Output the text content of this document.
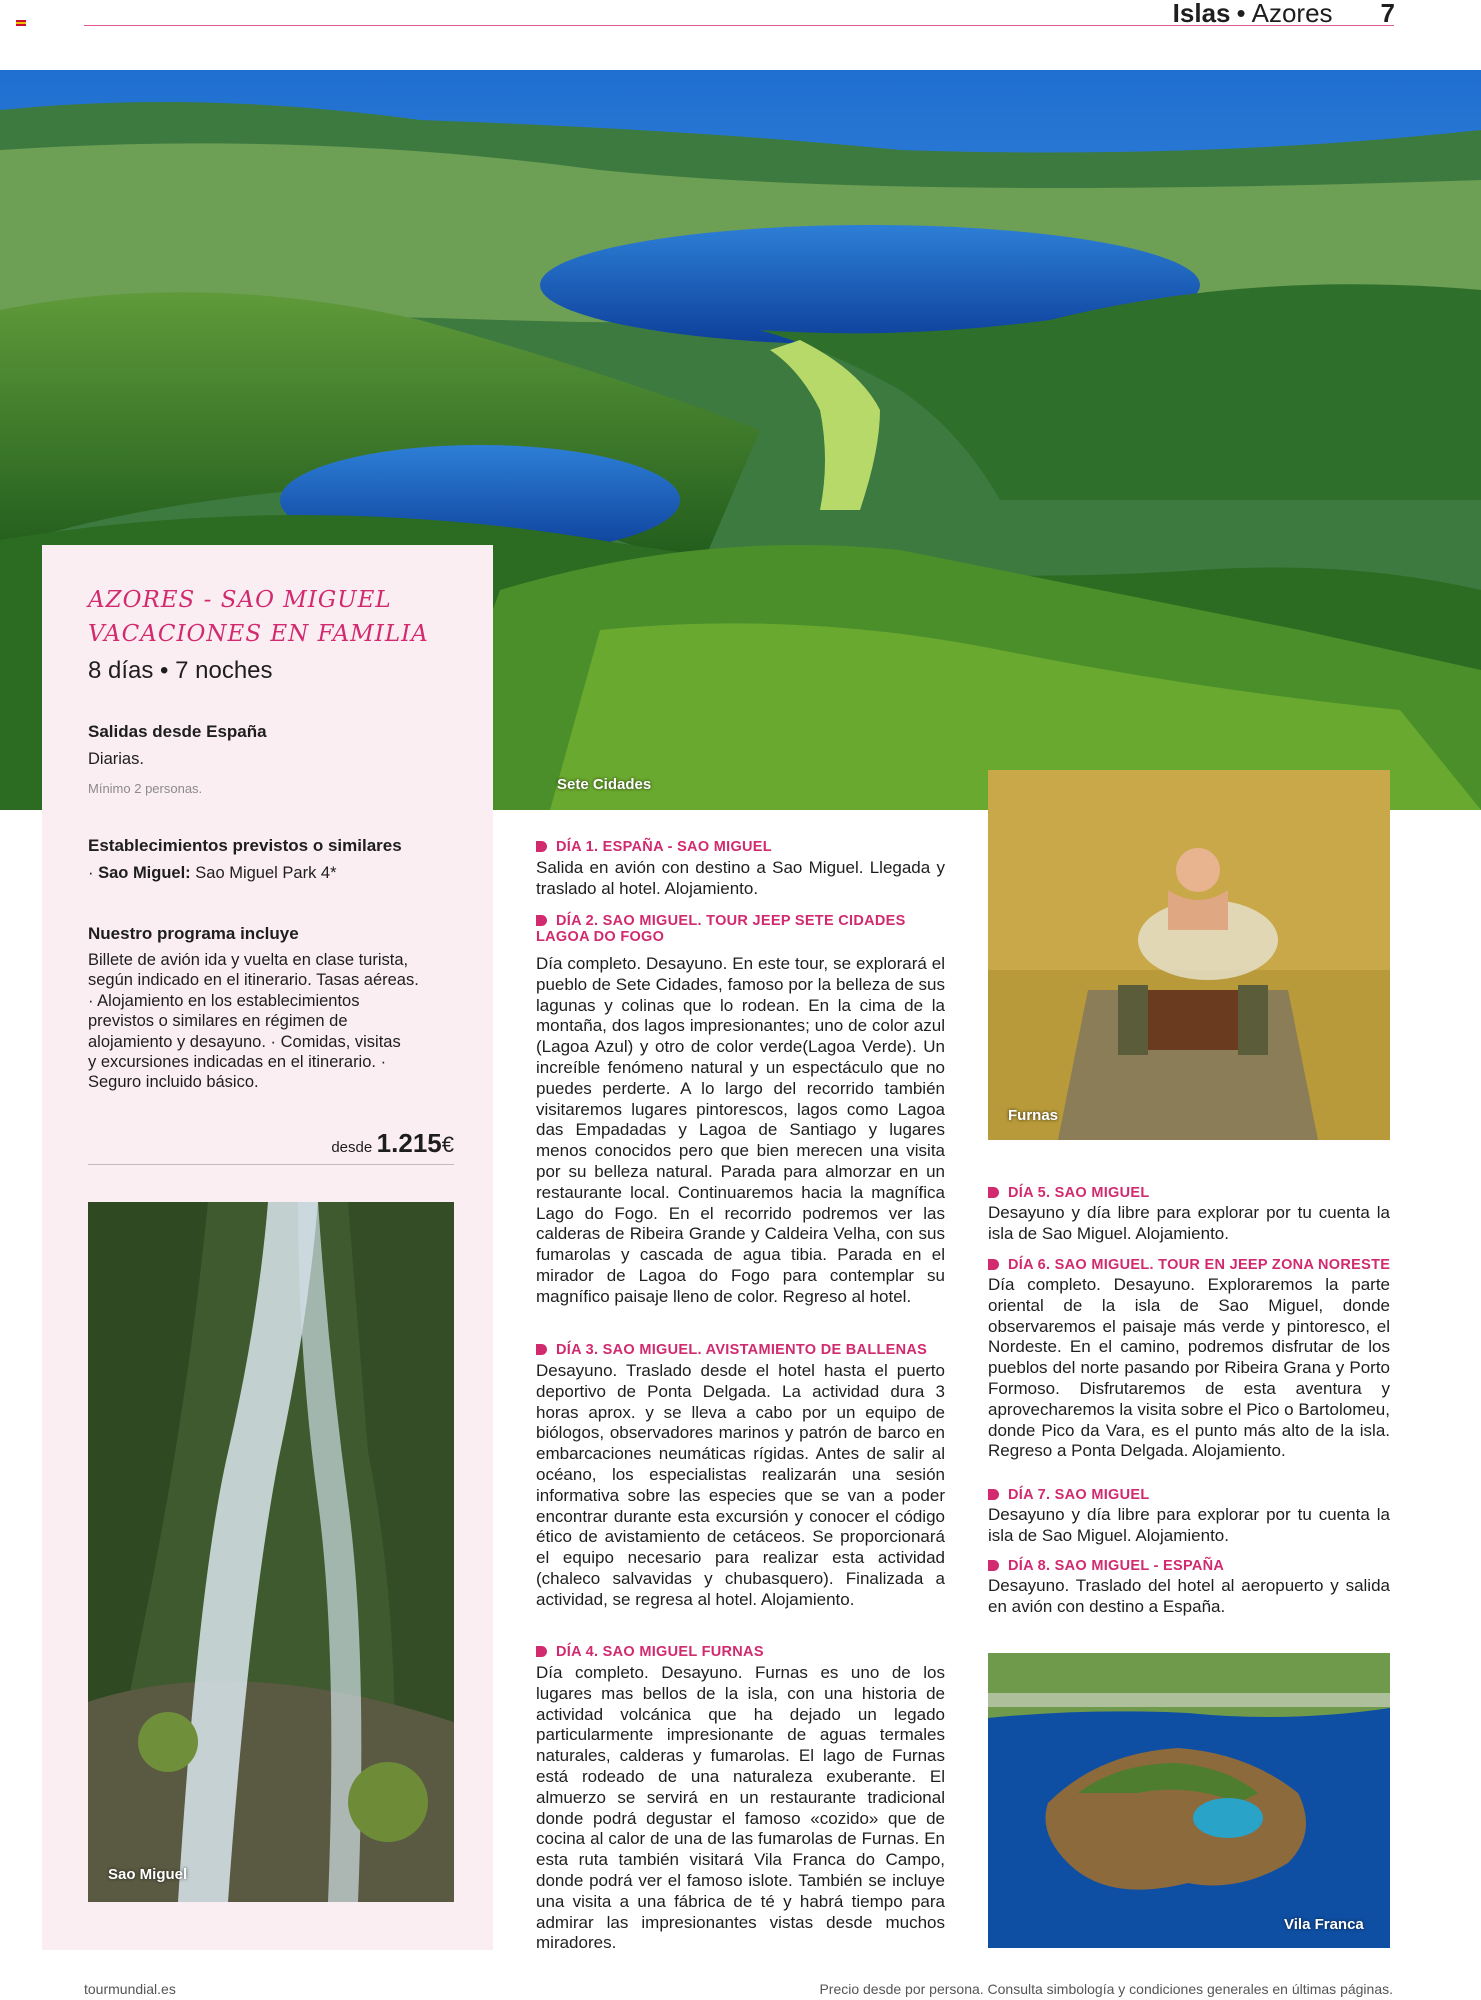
Islas • Azores 7
Sete Cidades
AZORES - SAO MIGUEL
VACACIONES EN FAMILIA
8 días • 7 noches
Salidas desde España
Diarias.
Mínimo 2 personas.
Establecimientos previstos o similares
· Sao Miguel: Sao Miguel Park 4*
Nuestro programa incluye
Billete de avión ida y vuelta en clase turista,
según indicado en el itinerario. Tasas aéreas.
· Alojamiento en los establecimientos
previstos o similares en régimen de
alojamiento y desayuno. · Comidas, visitas
y excursiones indicadas en el itinerario. ·
Seguro incluido básico.
desde 1.215€
Sao Miguel
DÍA 1. ESPAÑA - SAO MIGUEL
Salida en avión con destino a Sao Miguel. Llegada y traslado al hotel. Alojamiento.
DÍA 2. SAO MIGUEL. TOUR JEEP SETE CIDADES
LAGOA DO FOGO
Día completo. Desayuno. En este tour, se explorará el pueblo de Sete Cidades, famoso por la belleza de sus lagunas y colinas que lo rodean. En la cima de la montaña, dos lagos impresionantes; uno de color azul (Lagoa Azul) y otro de color verde(Lagoa Verde). Un increíble fenómeno natural y un espectáculo que no puedes perderte. A lo largo del recorrido también visitaremos lugares pintorescos, lagos como Lagoa das Empadadas y Lagoa de Santiago y lugares menos conocidos pero que bien merecen una visita por su belleza natural. Parada para almorzar en un restaurante local. Continuaremos hacia la magnífica Lago do Fogo. En el recorrido podremos ver las calderas de Ribeira Grande y Caldeira Velha, con sus fumarolas y cascada de agua tibia. Parada en el mirador de Lagoa do Fogo para contemplar su magnífico paisaje lleno de color. Regreso al hotel.
DÍA 3. SAO MIGUEL. AVISTAMIENTO DE BALLENAS
Desayuno. Traslado desde el hotel hasta el puerto deportivo de Ponta Delgada. La actividad dura 3 horas aprox. y se lleva a cabo por un equipo de biólogos, observadores marinos y patrón de barco en embarcaciones neumáticas rígidas. Antes de salir al océano, los especialistas realizarán una sesión informativa sobre las especies que se van a poder encontrar durante esta excursión y conocer el código ético de avistamiento de cetáceos. Se proporcionará el equipo necesario para realizar esta actividad (chaleco salvavidas y chubasquero). Finalizada a actividad, se regresa al hotel. Alojamiento.
DÍA 4. SAO MIGUEL FURNAS
Día completo. Desayuno. Furnas es uno de los lugares mas bellos de la isla, con una historia de actividad volcánica que ha dejado un legado particularmente impresionante de aguas termales naturales, calderas y fumarolas. El lago de Furnas está rodeado de una naturaleza exuberante. El almuerzo se servirá en un restaurante tradicional donde podrá degustar el famoso «cozido» que de cocina al calor de una de las fumarolas de Furnas. En esta ruta también visitará Vila Franca do Campo, donde podrá ver el famoso islote. También se incluye una visita a una fábrica de té y habrá tiempo para admirar las impresionantes vistas desde muchos miradores.
Furnas
DÍA 5. SAO MIGUEL
Desayuno y día libre para explorar por tu cuenta la isla de Sao Miguel. Alojamiento.
DÍA 6. SAO MIGUEL. TOUR EN JEEP ZONA NORESTE
Día completo. Desayuno. Exploraremos la parte oriental de la isla de Sao Miguel, donde observaremos el paisaje más verde y pintoresco, el Nordeste. En el camino, podremos disfrutar de los pueblos del norte pasando por Ribeira Grana y Porto Formoso. Disfrutaremos de esta aventura y aprovecharemos la visita sobre el Pico o Bartolomeu, donde Pico da Vara, es el punto más alto de la isla. Regreso a Ponta Delgada. Alojamiento.
DÍA 7. SAO MIGUEL
Desayuno y día libre para explorar por tu cuenta la isla de Sao Miguel. Alojamiento.
DÍA 8. SAO MIGUEL - ESPAÑA
Desayuno. Traslado del hotel al aeropuerto y salida en avión con destino a España.
Vila Franca
tourmundial.es	Precio desde por persona. Consulta simbología y condiciones generales en últimas páginas.
